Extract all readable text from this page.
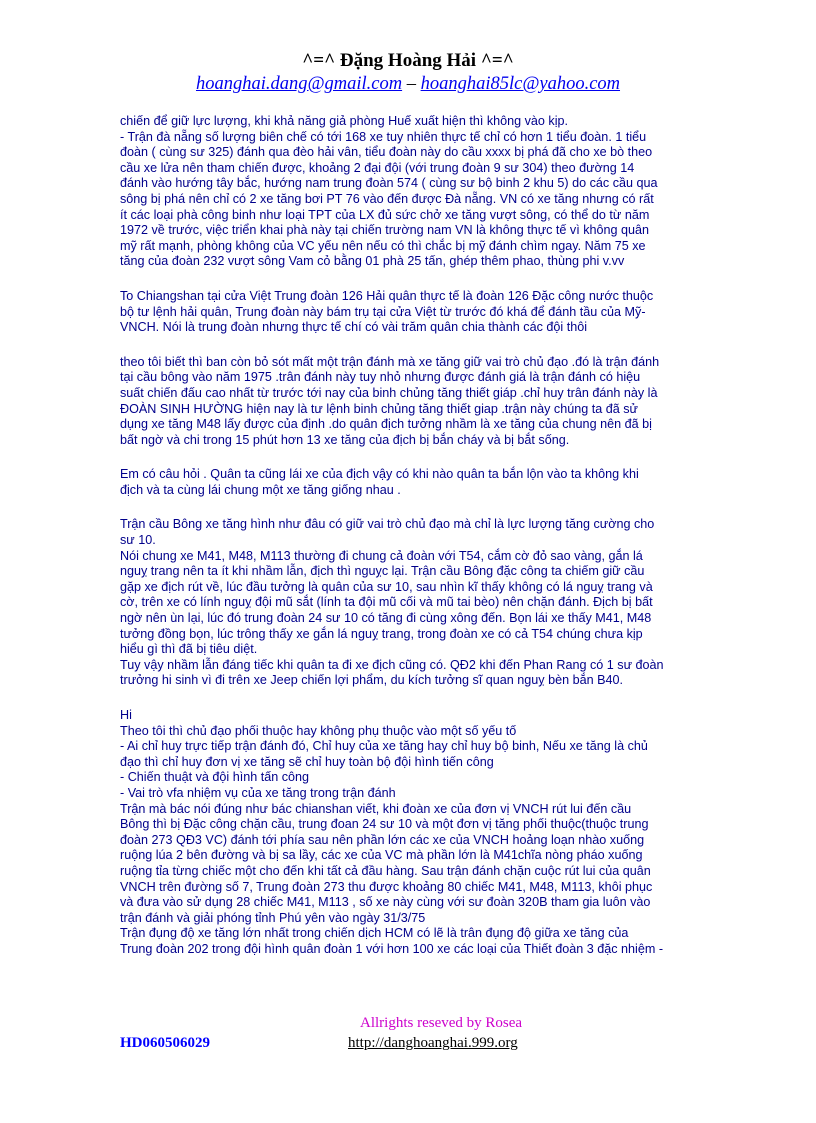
^=^ Đặng Hoàng Hải ^=^
hoanghai.dang@gmail.com – hoanghai85lc@yahoo.com

chiến để giữ lực lượng, khi khả năng giả phòng Huế xuất hiện thì không vào kịp.

- Trận đà nẵng số lượng biên chế có tới 168 xe tuy nhiên thực tế chỉ có hơn 1 tiểu đoàn. 1 tiểu

đoàn ( cùng sư 325) đánh qua đèo hải vân, tiểu đoàn này do cầu xxxx bị phá đã cho xe bò theo

cầu xe lửa nên tham chiến được, khoảng 2 đại đội (với trung đoàn 9 sư 304) theo đường 14

đánh vào hướng tây bắc, hướng nam trung đoàn 574 ( cùng sư bộ binh 2 khu 5) do các cầu qua

sông bị phá nên chỉ có 2 xe tăng bơi PT 76 vào đến được Đà nẵng. VN có xe tăng nhưng có rất

ít các loại phà công binh như loại TPT của LX đủ sức chở xe tăng vượt sông, có thể do từ năm

1972 về trước, việc triển khai phà này tại chiến trường nam VN là không thực tế vì không quân

mỹ rất mạnh, phòng không của VC yếu nên nếu có thì chắc bị mỹ đánh chìm ngay. Năm 75 xe

tăng của đoàn 232 vượt sông Vam cỏ bằng 01 phà 25 tấn, ghép thêm phao, thùng phi v.vv

To Chiangshan tại cửa Việt Trung đoàn 126 Hải quân thực tế là đoàn 126 Đặc công nước thuộc

bộ tư lệnh hải quân, Trung đoàn này bám trụ tại cửa Việt từ trước đó khá để đánh tầu của Mỹ-

VNCH. Nói là trung đoàn nhưng thực tế chí có vài trăm quân chia thành các đội thôi

theo tôi biết thì ban còn bỏ sót mất một trận đánh mà xe tăng giữ vai trò chủ đạo .đó là trận đánh

tại cầu bông vào năm 1975 .trân đánh này tuy nhỏ nhưng được đánh giá là trận đánh có hiệu

suất chiến đấu cao nhất từ trước tới nay của binh chủng tăng thiết giáp .chỉ huy trân đánh này là

ĐOÀN SINH HƯỜNG hiện nay là tư lệnh binh chủng tăng thiết giap .trận này chúng ta đã sử

dụng xe tăng M48 lấy được của định .do quân địch tưởng nhầm là xe tăng của chung nên đã bị

bất ngờ và chi trong 15 phút hơn 13 xe tăng của địch bị bắn cháy và bị bắt sống.

Em có câu hỏi . Quân ta cũng lái xe của địch vậy có khi nào quân ta bắn lộn vào ta không khi

địch và ta cùng lái chung một xe tăng giống nhau .

Trận cầu Bông xe tăng hình như đâu có giữ vai trò chủ đạo mà chỉ là lực lượng tăng cường cho

sư 10.

Nói chung xe M41, M48, M113 thường đi chung cả đoàn với T54, cắm cờ đỏ sao vàng, gắn lá

nguỵ trang nên ta ít khi nhầm lẫn, địch thì nguỵc lại. Trận cầu Bông đặc công ta chiếm giữ cầu

gặp xe địch rút về, lúc đầu tưởng là quân của sư 10, sau nhìn kĩ thấy không có lá nguỵ trang và

cờ, trên xe có lính nguỵ đội mũ sắt (lính ta đội mũ cối và mũ tai bèo) nên chặn đánh. Địch bị bất

ngờ nên ùn lại, lúc đó trung đoàn 24 sư 10 có tăng đi cùng xông đến. Bọn lái xe thấy M41, M48

tưởng đồng bọn, lúc trông thấy xe gắn lá nguỵ trang, trong đoàn xe có cả T54 chúng chưa kịp

hiểu gì thì đã bị tiêu diệt.

Tuy vậy nhầm lẫn đáng tiếc khi quân ta đi xe địch cũng có. QĐ2 khi đến Phan Rang có 1 sư đoàn

trưởng hi sinh vì đi trên xe Jeep chiến lợi phẩm, du kích tưởng sĩ quan nguỵ bèn bắn B40.

Hi

Theo tôi thì chủ đạo phối thuộc hay không phụ thuộc vào một số yếu tố

- Ai chỉ huy trực tiếp trận đánh đó, Chỉ huy của xe tăng hay chỉ huy bộ binh, Nếu xe tăng là chủ

đạo thì chỉ huy đơn vị xe tăng sẽ chỉ huy toàn bộ đội hình tiến công

- Chiến thuật và đội hình tấn công

- Vai trò vfa nhiệm vụ của xe tăng trong trận đánh

Trận mà bác nói đúng như bác chianshan viết, khi đoàn xe của đơn vị VNCH rút lui đến cầu

Bông thì bị Đặc công chặn cầu, trung đoan 24 sư 10 và một đơn vị tăng phối thuộc(thuộc trung

đoàn 273 QĐ3 VC) đánh tới phía sau nên phần lớn các xe của VNCH hoảng loạn nhào xuống

ruộng lúa 2 bên đường và bị sa lầy, các xe của VC mà phần lớn là M41chĩa nòng pháo xuống

ruộng tỉa từng chiếc một cho đến khi tất cả đầu hàng. Sau trận đánh chặn cuộc rút lui của quân

VNCH trên đường số 7, Trung đoàn 273 thu được khoảng 80 chiếc M41, M48, M113, khôi phục

và đưa vào sử dụng 28 chiếc M41, M113 , số xe này cùng với sư đoàn 320B tham gia luôn vào

trận đánh và giải phóng tỉnh Phú yên vào ngày 31/3/75

Trận đụng độ xe tăng lớn nhất trong chiến dịch HCM có lẽ là trân đụng độ giữa xe tăng của

Trung đoàn 202 trong đội hình quân đoàn 1 với hơn 100 xe các loại của Thiết đoàn 3 đặc nhiệm -

Allrights reseved by Rosea
HD060506029	http://danghoanghai.999.org
